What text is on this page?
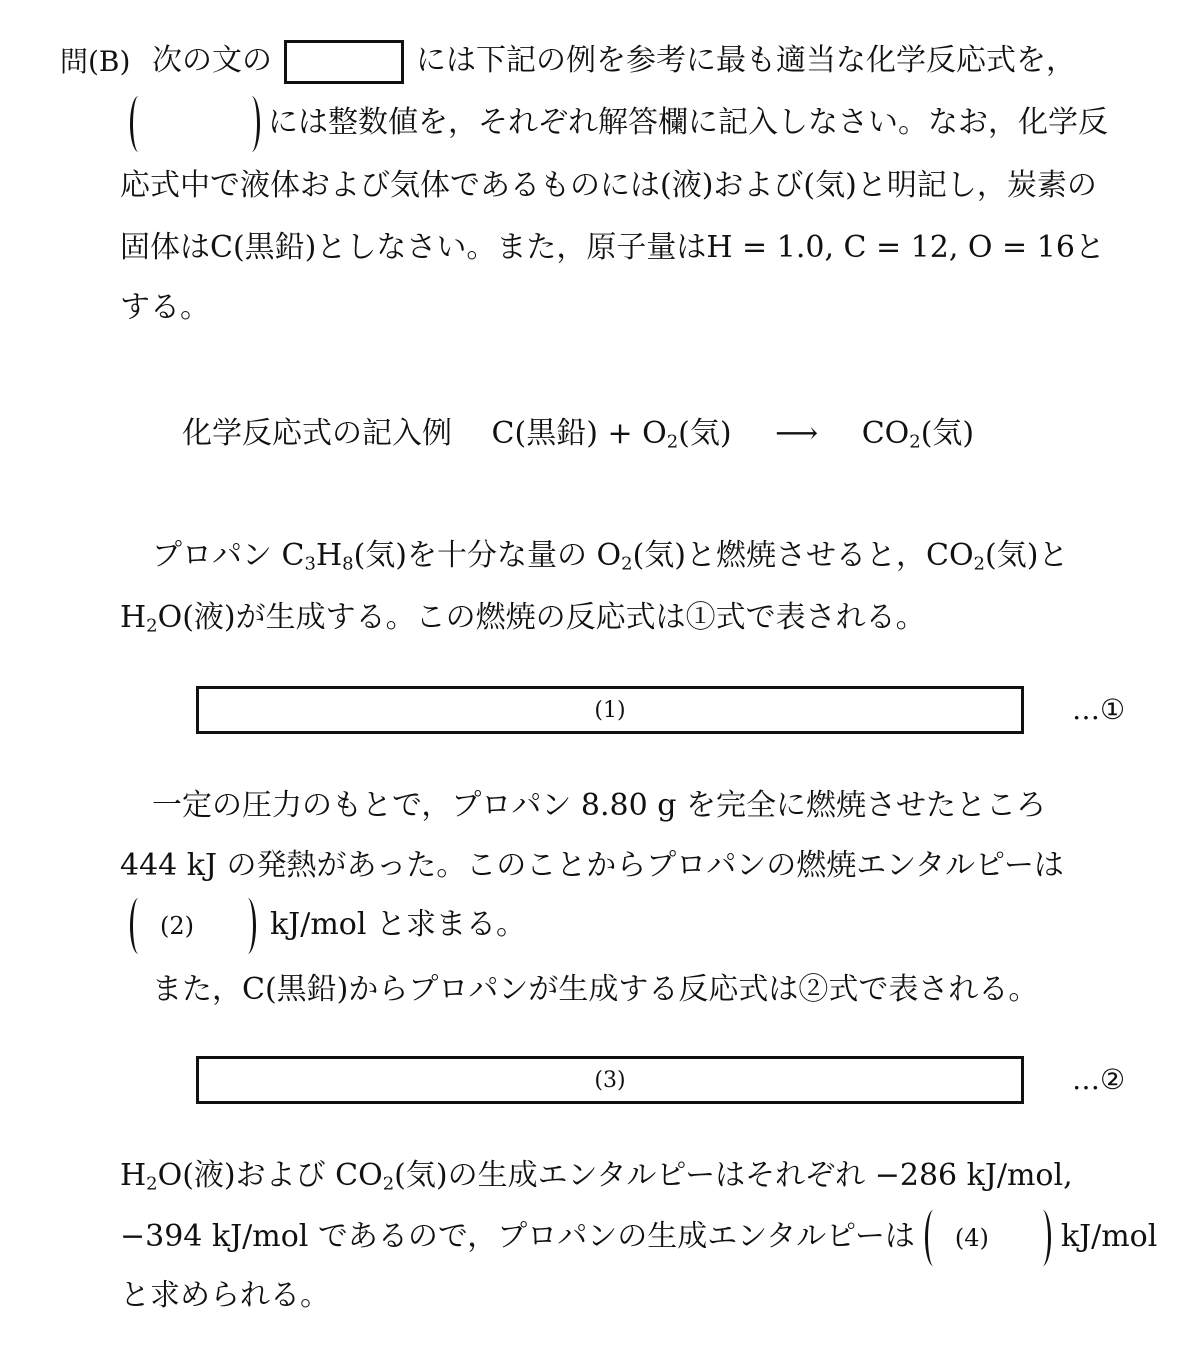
問(B) 次の文の	には下記の例を参考に最も適当な化学反応式を，
には整数値を，それぞれ解答欄に記入しなさい。なお，化学反
応式中で液体および気体であるものには(液)および(気)と明記し，炭素の
固体はC(黒鉛)としなさい。また，原子量はH = 1.0, C = 12, O = 16と
する。
化学反応式の記入例 C(黒鉛) + $O_2$(気) ⟶ $CO_2$(気)
プロパン $C_3H_8$(気)を十分な量の $O_2$(気)と燃焼させると，$CO_2$(気)と
$H_2O$(液)が生成する。この燃焼の反応式は①式で表される。
(1)	…①
一定の圧力のもとで，プロパン 8.80 g を完全に燃焼させたところ
444 kJ の発熱があった。このことからプロパンの燃焼エンタルピーは
(2)	kJ/mol と求まる。
また，C(黒鉛)からプロパンが生成する反応式は②式で表される。
(3)	…②
$H_2O$(液)および $CO_2$(気)の生成エンタルピーはそれぞれ −286 kJ/mol,
−394 kJ/mol であるので，プロパンの生成エンタルピーは (4) kJ/mol
と求められる。
